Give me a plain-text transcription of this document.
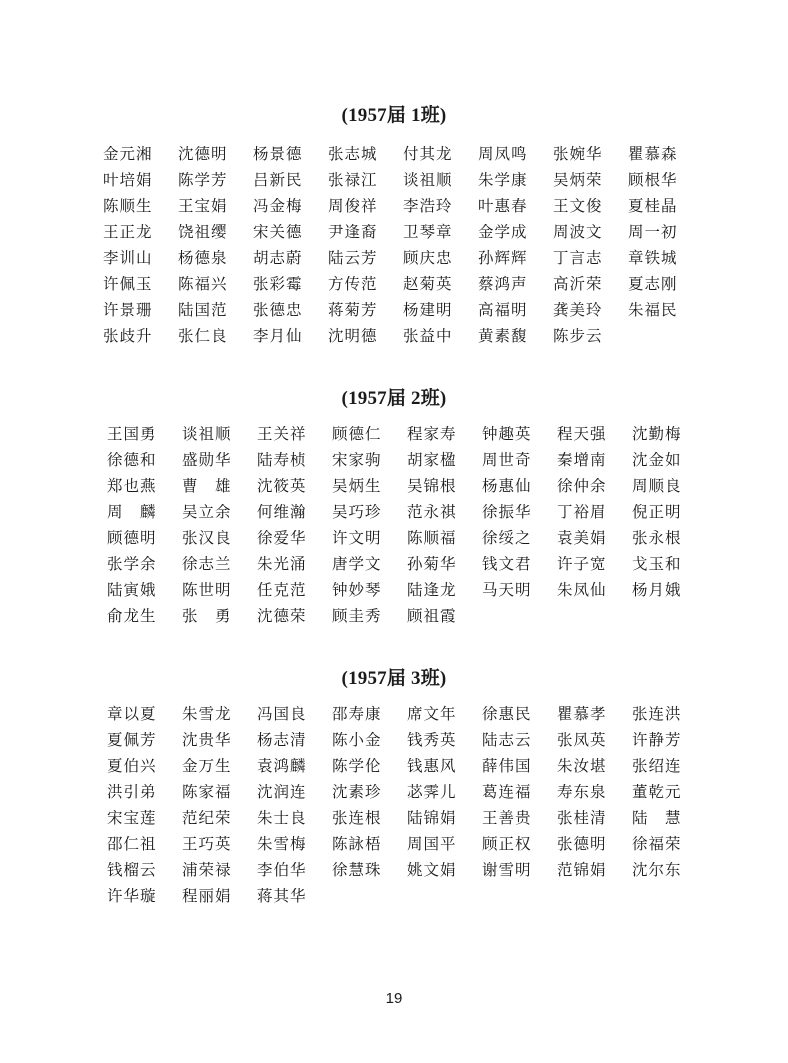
(1957届 1班)
金元湘 沈德明 杨景德 张志城 付其龙 周凤鸣 张婉华 瞿慕森
叶培娟 陈学芳 吕新民 张禄江 谈祖顺 朱学康 吴炳荣 顾根华
陈顺生 王宝娟 冯金梅 周俊祥 李浩玲 叶惠春 王文俊 夏桂晶
王正龙 饶祖缨 宋关德 尹逢裔 卫琴章 金学成 周波文 周一初
李训山 杨德泉 胡志蔚 陆云芳 顾庆忠 孙辉辉 丁言志 章铁城
许佩玉 陈福兴 张彩霉 方传范 赵菊英 蔡鸿声 高沂荣 夏志刚
许景珊 陆国范 张德忠 蒋菊芳 杨建明 高福明 龚美玲 朱福民
张歧升 张仁良 李月仙 沈明德 张益中 黄素馥 陈步云
(1957届 2班)
王国勇 谈祖顺 王关祥 顾德仁 程家寿 钟趣英 程天强 沈勤梅
徐德和 盛勋华 陆寿桢 宋家驹 胡家楹 周世奇 秦增南 沈金如
郑也燕 曹　雄 沈筱英 吴炳生 吴锦根 杨惠仙 徐仲余 周顺良
周　麟 吴立余 何维瀚 吴巧珍 范永祺 徐振华 丁裕眉 倪正明
顾德明 张汉良 徐爱华 许文明 陈顺福 徐绥之 袁美娟 张永根
张学余 徐志兰 朱光涌 唐学文 孙菊华 钱文君 许子宽 戈玉和
陆寅娥 陈世明 任克范 钟妙琴 陆逢龙 马天明 朱凤仙 杨月娥
俞龙生 张　勇 沈德荣 顾圭秀 顾祖霞
(1957届 3班)
章以夏 朱雪龙 冯国良 邵寿康 席文年 徐惠民 瞿慕孝 张连洪
夏佩芳 沈贵华 杨志清 陈小金 钱秀英 陆志云 张凤英 许静芳
夏伯兴 金万生 袁鸿麟 陈学伦 钱惠风 薛伟国 朱汝堪 张绍连
洪引弟 陈家福 沈润连 沈素珍 苾霁儿 葛连福 寿东泉 董乾元
宋宝莲 范纪荣 朱士良 张连根 陆锦娟 王善贵 张桂清 陆　慧
邵仁祖 王巧英 朱雪梅 陈詠梧 周国平 顾正权 张德明 徐福荣
钱榴云 浦荣禄 李伯华 徐慧珠 姚文娟 谢雪明 范锦娟 沈尔东
许华璇 程丽娟 蒋其华
19
